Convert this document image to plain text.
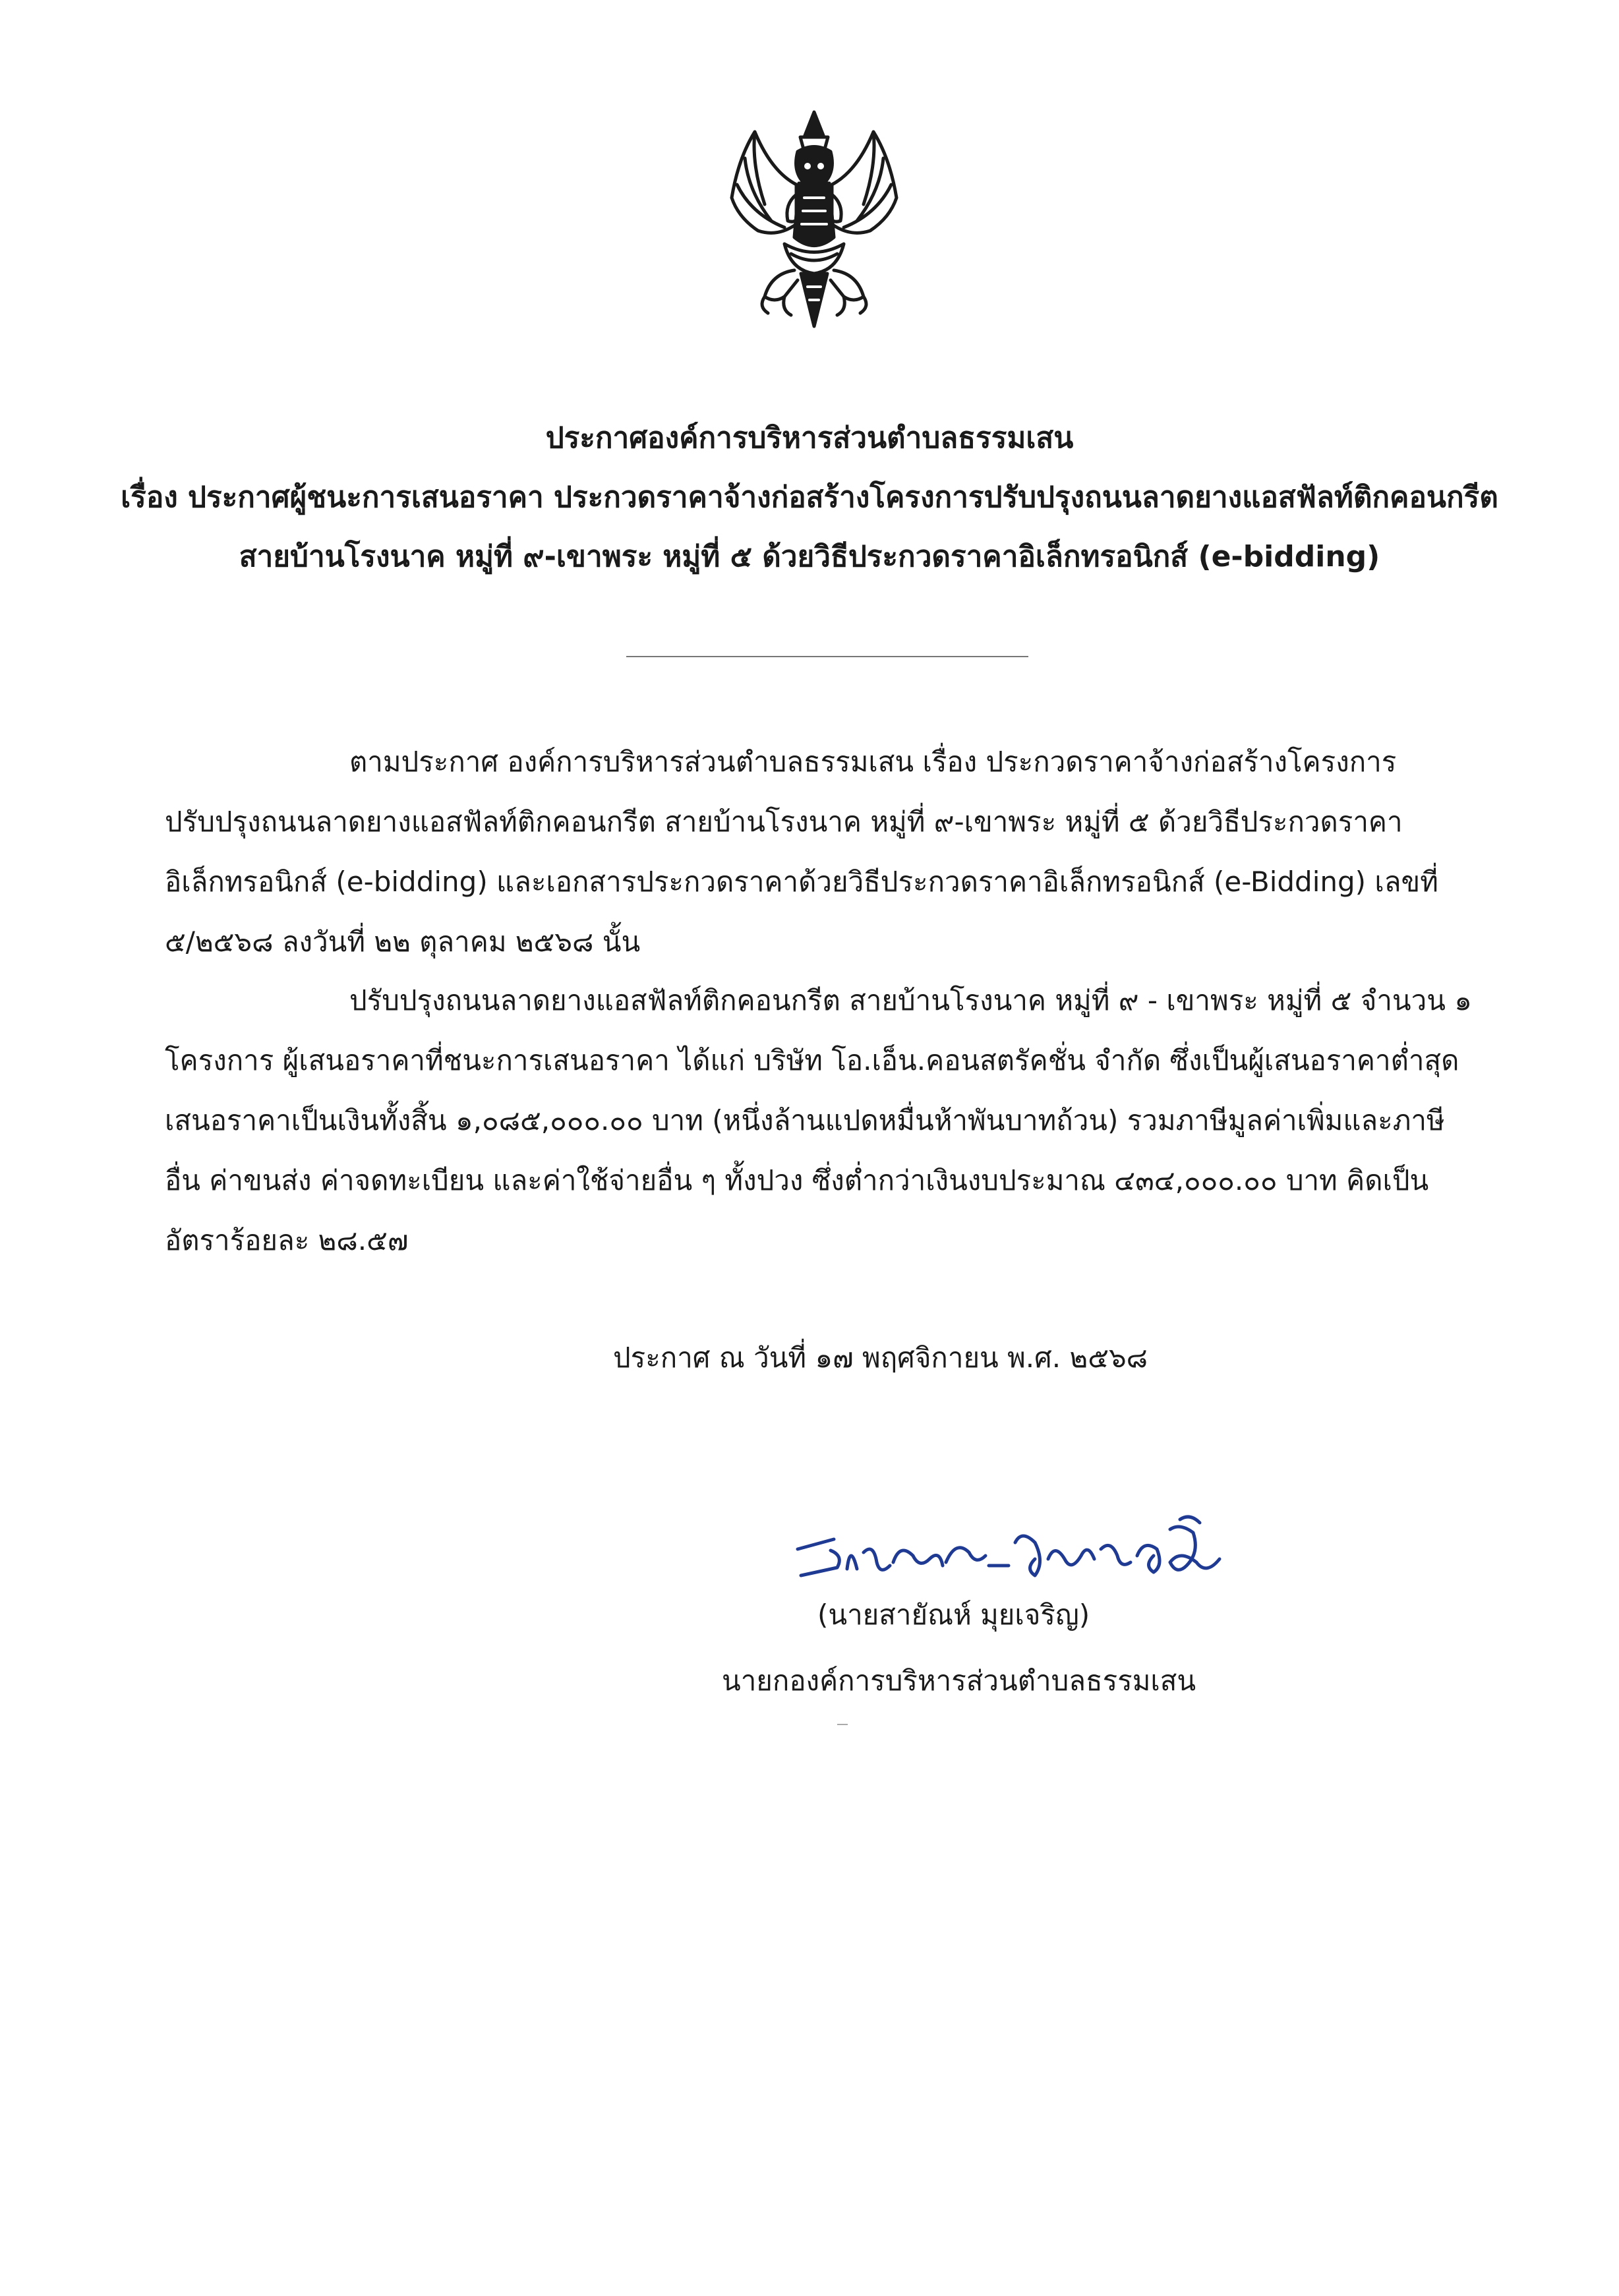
ประกาศองค์การบริหารส่วนตำบลธรรมเสน
เรื่อง ประกาศผู้ชนะการเสนอราคา ประกวดราคาจ้างก่อสร้างโครงการปรับปรุงถนนลาดยางแอสฟัลท์ติกคอนกรีต
สายบ้านโรงนาค หมู่ที่ ๙-เขาพระ หมู่ที่ ๕ ด้วยวิธีประกวดราคาอิเล็กทรอนิกส์ (e-bidding)
ตามประกาศ องค์การบริหารส่วนตำบลธรรมเสน เรื่อง ประกวดราคาจ้างก่อสร้างโครงการปรับปรุงถนนลาดยางแอสฟัลท์ติกคอนกรีต สายบ้านโรงนาค หมู่ที่ ๙-เขาพระ หมู่ที่ ๕ ด้วยวิธีประกวดราคาอิเล็กทรอนิกส์ (e-bidding) และเอกสารประกวดราคาด้วยวิธีประกวดราคาอิเล็กทรอนิกส์ (e-Bidding) เลขที่ ๕/๒๕๖๘ ลงวันที่ ๒๒ ตุลาคม ๒๕๖๘ นั้น
ปรับปรุงถนนลาดยางแอสฟัลท์ติกคอนกรีต สายบ้านโรงนาค หมู่ที่ ๙ - เขาพระ หมู่ที่ ๕ จำนวน ๑ โครงการ ผู้เสนอราคาที่ชนะการเสนอราคา ได้แก่ บริษัท โอ.เอ็น.คอนสตรัคชั่น จำกัด ซึ่งเป็นผู้เสนอราคาต่ำสุด เสนอราคาเป็นเงินทั้งสิ้น ๑,๐๘๕,๐๐๐.๐๐ บาท (หนึ่งล้านแปดหมื่นห้าพันบาทถ้วน) รวมภาษีมูลค่าเพิ่มและภาษีอื่น ค่าขนส่ง ค่าจดทะเบียน และค่าใช้จ่ายอื่น ๆ ทั้งปวง ซึ่งต่ำกว่าเงินงบประมาณ ๔๓๔,๐๐๐.๐๐ บาท คิดเป็นอัตราร้อยละ ๒๘.๕๗
ประกาศ ณ วันที่ ๑๗ พฤศจิกายน พ.ศ. ๒๕๖๘
(นายสายัณห์ มุยเจริญ)
นายกองค์การบริหารส่วนตำบลธรรมเสน
